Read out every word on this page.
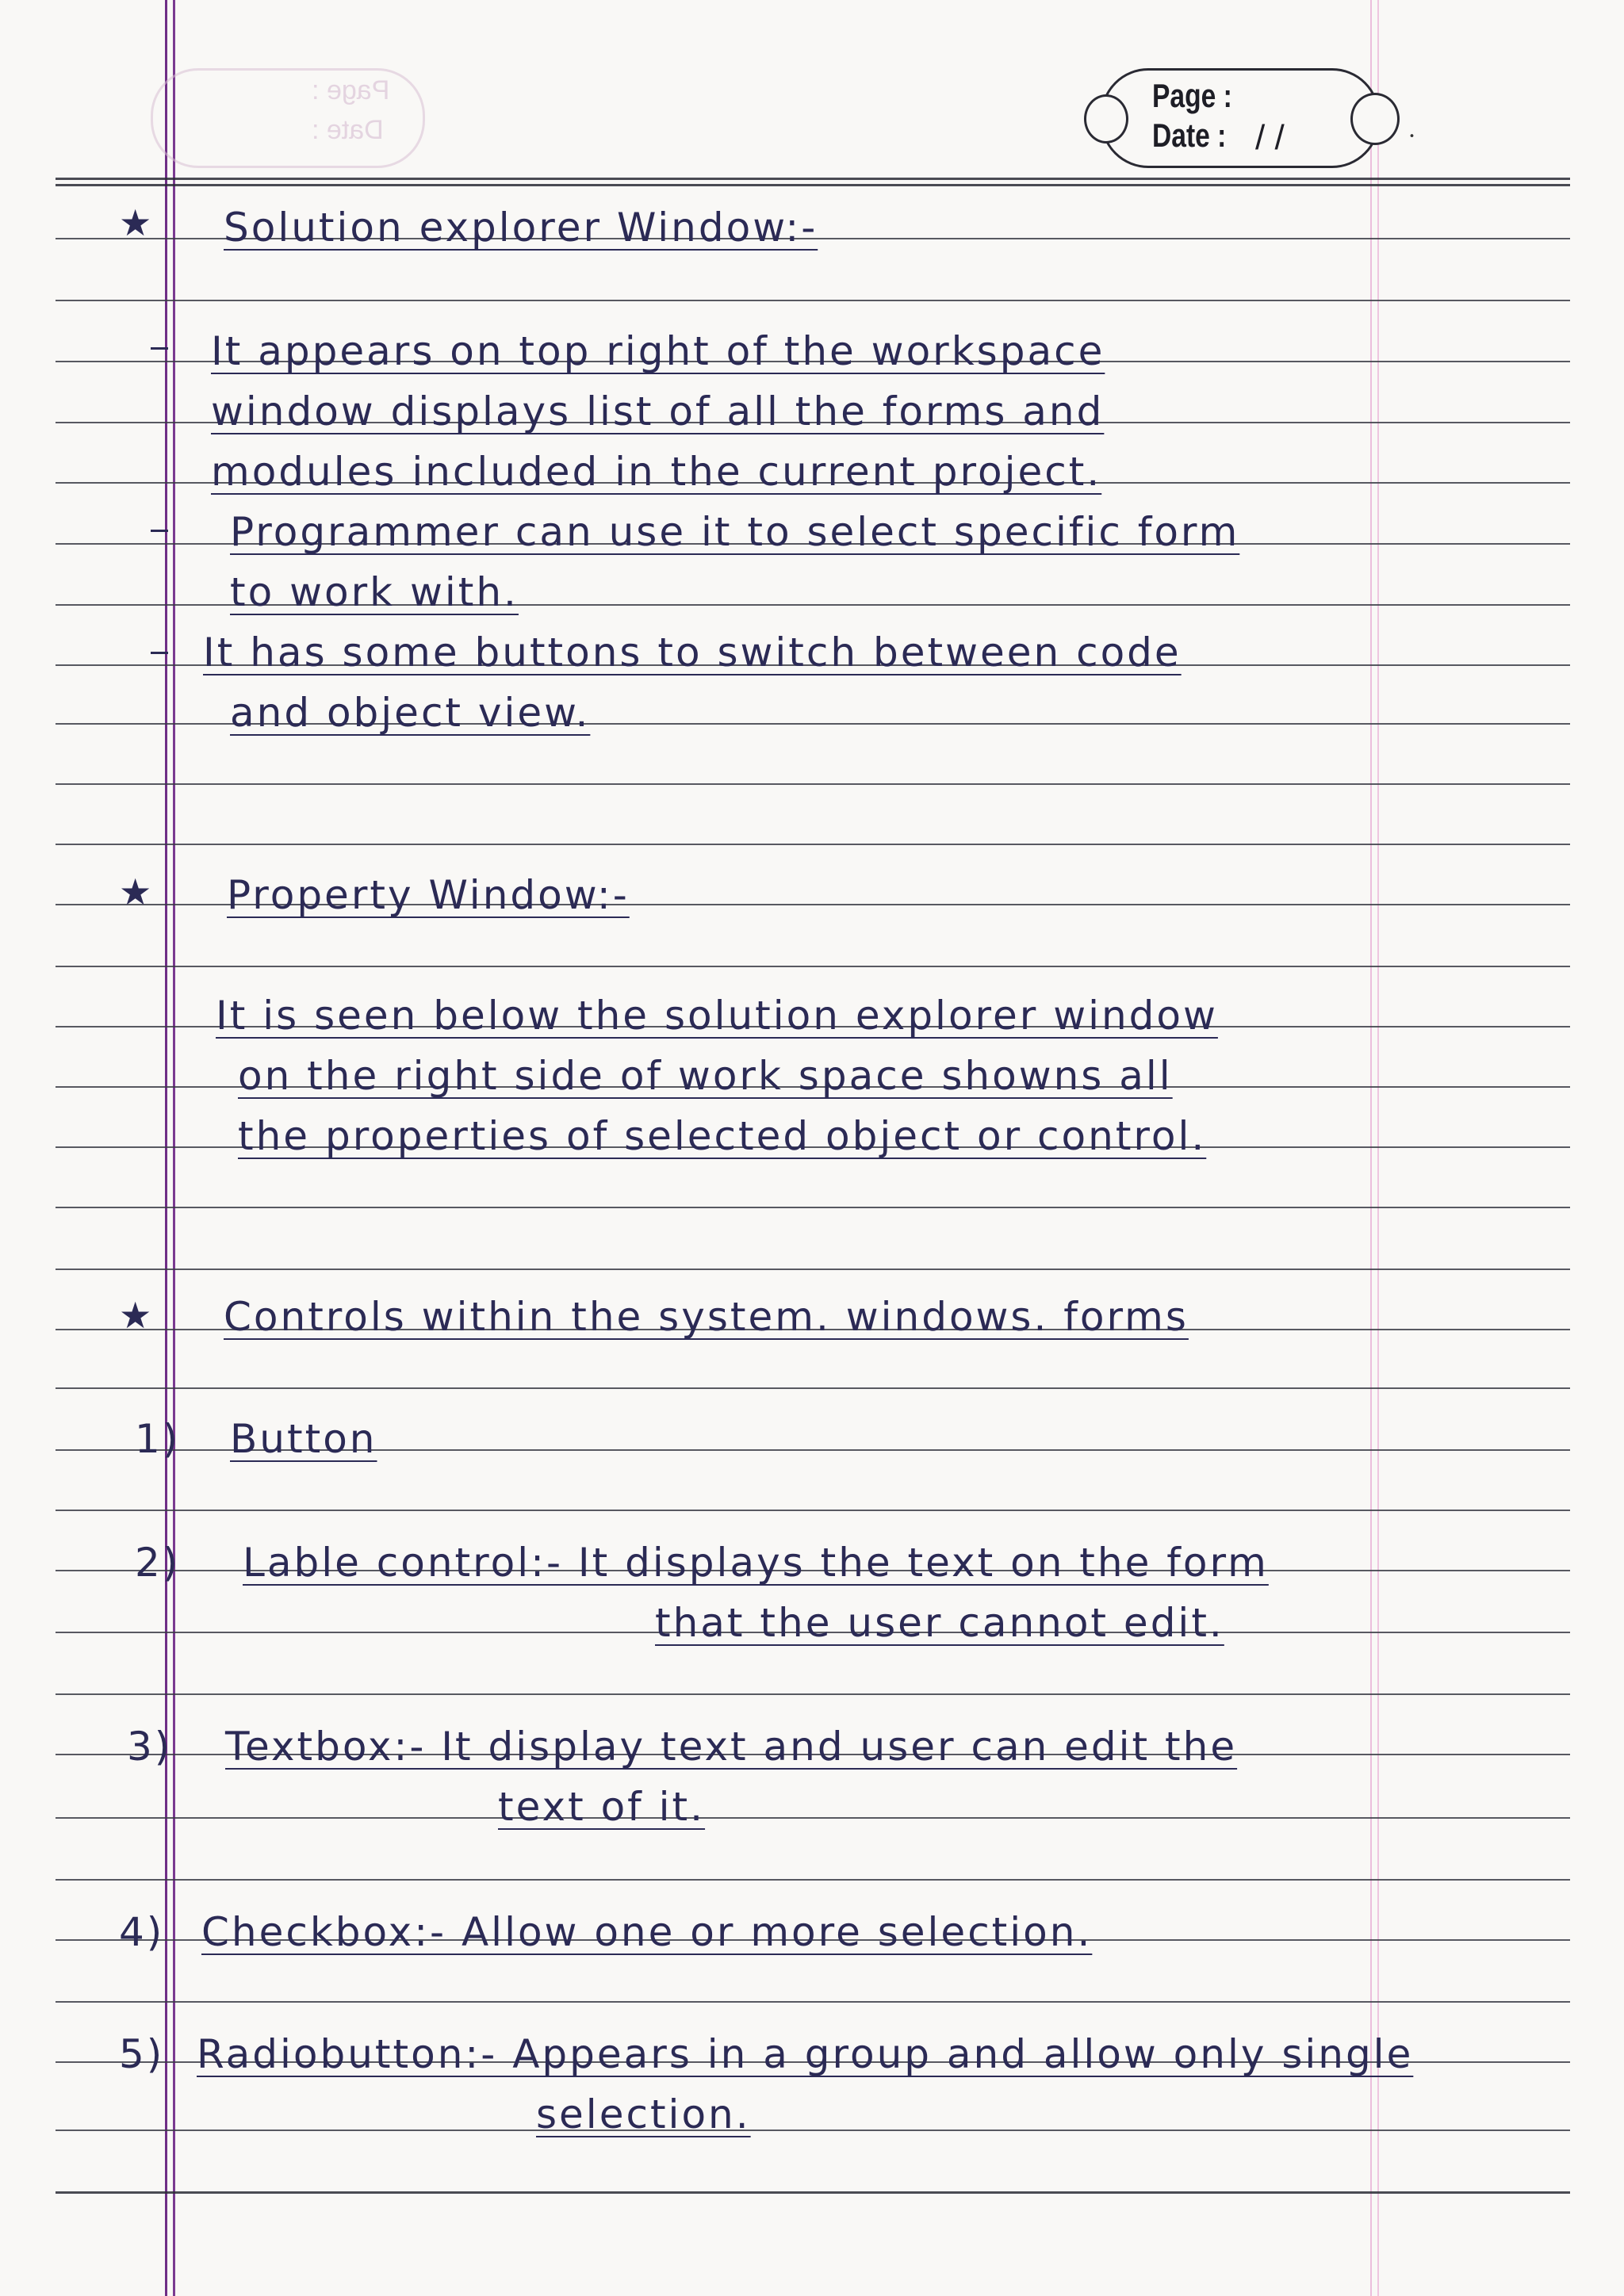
Page :
Date :
Page :
Date : / /	˙
★ Solution explorer Window:-
It appears on top right of the workspace
window displays list of all the forms and
modules included in the current project.
Programmer can use it to select specific form
to work with.
It has some buttons to switch between code
and object view.
★ Property Window:-
It is seen below the solution explorer window
on the right side of work space showns all
the properties of selected object or control.
★ Controls within the system. windows. forms
1) Button
2) Lable control:- It displays the text on the form
that the user cannot edit.
3) Textbox:- It display text and user can edit the
text of it.
4) Checkbox:- Allow one or more selection.
5) Radiobutton:- Appears in a group and allow only single
selection.
